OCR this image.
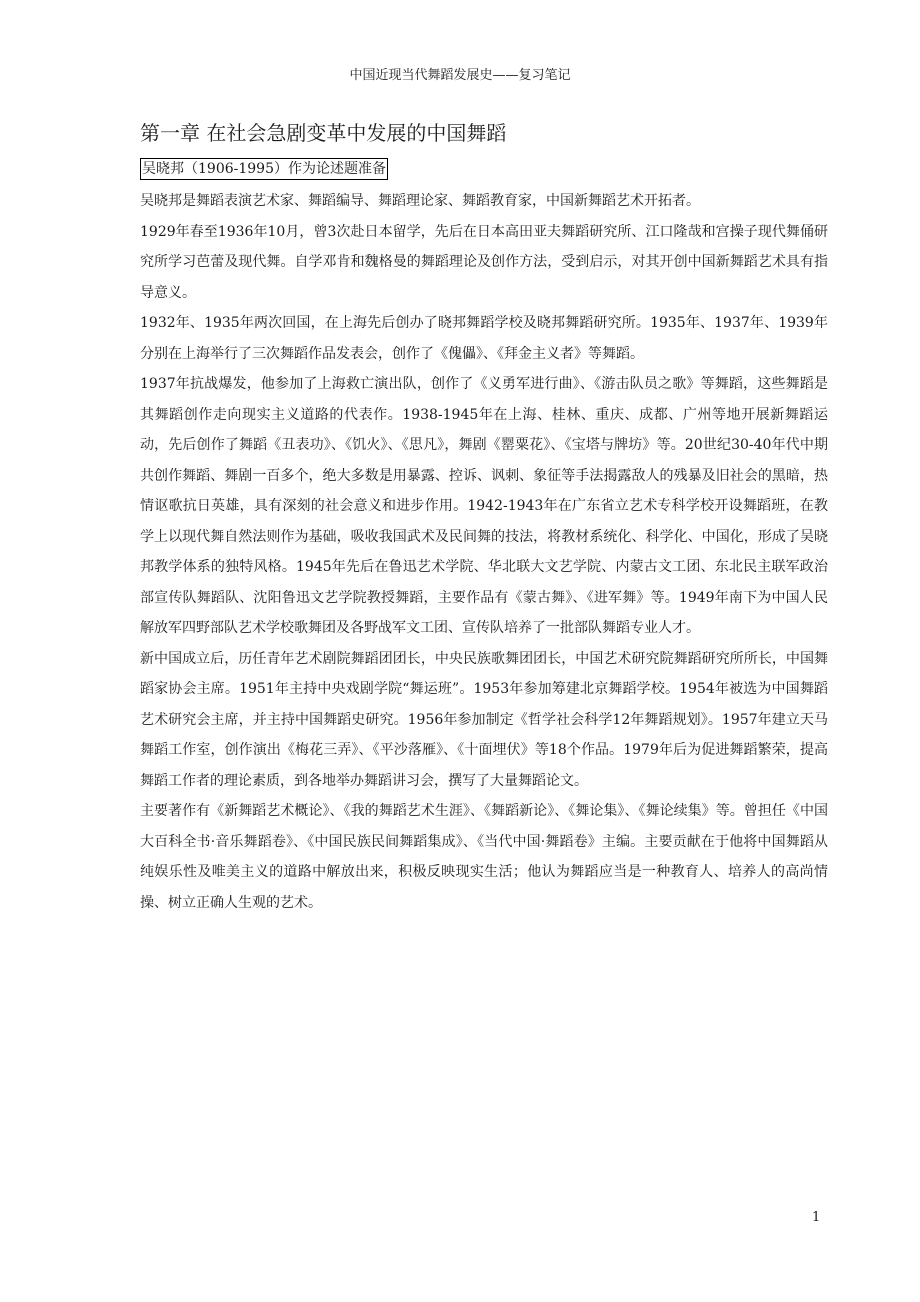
中国近现当代舞蹈发展史——复习笔记
第一章 在社会急剧变革中发展的中国舞蹈
吴晓邦（1906-1995）作为论述题准备

吴晓邦是舞蹈表演艺术家、舞蹈编导、舞蹈理论家、舞蹈教育家，中国新舞蹈艺术开拓者。

1929年春至1936年10月，曾3次赴日本留学，先后在日本高田亚夫舞蹈研究所、江口隆哉和宫操子现代舞俑研究所学习芭蕾及现代舞。自学邓肯和魏格曼的舞蹈理论及创作方法，受到启示，对其开创中国新舞蹈艺术具有指导意义。

1932年、1935年两次回国，在上海先后创办了晓邦舞蹈学校及晓邦舞蹈研究所。1935年、1937年、1939年分别在上海举行了三次舞蹈作品发表会，创作了《傀儡》、《拜金主义者》等舞蹈。

1937年抗战爆发，他参加了上海救亡演出队，创作了《义勇军进行曲》、《游击队员之歌》等舞蹈，这些舞蹈是其舞蹈创作走向现实主义道路的代表作。1938-1945年在上海、桂林、重庆、成都、广州等地开展新舞蹈运动，先后创作了舞蹈《丑表功》、《饥火》、《思凡》，舞剧《罂粟花》、《宝塔与牌坊》等。20世纪30-40年代中期共创作舞蹈、舞剧一百多个，绝大多数是用暴露、控诉、讽刺、象征等手法揭露敌人的残暴及旧社会的黑暗，热情讴歌抗日英雄，具有深刻的社会意义和进步作用。1942-1943年在广东省立艺术专科学校开设舞蹈班，在教学上以现代舞自然法则作为基础，吸收我国武术及民间舞的技法，将教材系统化、科学化、中国化，形成了吴晓邦教学体系的独特风格。1945年先后在鲁迅艺术学院、华北联大文艺学院、内蒙古文工团、东北民主联军政治部宣传队舞蹈队、沈阳鲁迅文艺学院教授舞蹈，主要作品有《蒙古舞》、《进军舞》等。1949年南下为中国人民解放军四野部队艺术学校歌舞团及各野战军文工团、宣传队培养了一批部队舞蹈专业人才。

新中国成立后，历任青年艺术剧院舞蹈团团长，中央民族歌舞团团长，中国艺术研究院舞蹈研究所所长，中国舞蹈家协会主席。1951年主持中央戏剧学院“舞运班”。1953年参加筹建北京舞蹈学校。1954年被选为中国舞蹈艺术研究会主席，并主持中国舞蹈史研究。1956年参加制定《哲学社会科学12年舞蹈规划》。1957年建立天马舞蹈工作室，创作演出《梅花三弄》、《平沙落雁》、《十面埋伏》等18个作品。1979年后为促进舞蹈繁荣，提高舞蹈工作者的理论素质，到各地举办舞蹈讲习会，撰写了大量舞蹈论文。

主要著作有《新舞蹈艺术概论》、《我的舞蹈艺术生涯》、《舞蹈新论》、《舞论集》、《舞论续集》等。曾担任《中国大百科全书·音乐舞蹈卷》、《中国民族民间舞蹈集成》、《当代中国·舞蹈卷》主编。主要贡献在于他将中国舞蹈从纯娱乐性及唯美主义的道路中解放出来，积极反映现实生活；他认为舞蹈应当是一种教育人、培养人的高尚情操、树立正确人生观的艺术。

1
